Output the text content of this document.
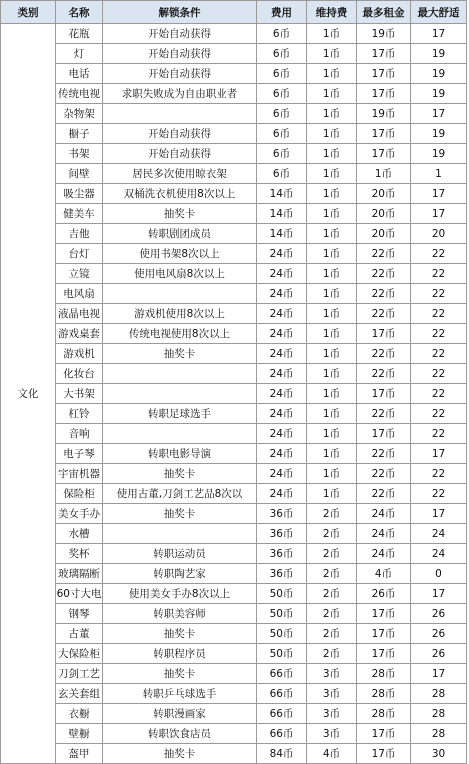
类别	名称	解锁条件	费用	维持费	最多租金	最大舒适
文化	花瓶	开始自动获得	6币	1币	19币	17
	灯	开始自动获得	6币	1币	17币	19
	电话	开始自动获得	6币	1币	17币	19
	传统电视	求职失败成为自由职业者	6币	1币	17币	19
	杂物架		6币	1币	19币	17
	橱子	开始自动获得	6币	1币	17币	19
	书架	开始自动获得	6币	1币	17币	19
	间壁	居民多次使用晾衣架	6币	1币	1币	1
	吸尘器	双桶洗衣机使用8次以上	14币	1币	20币	17
	健美车	抽奖卡	14币	1币	20币	17
	吉他	转职剧团成员	14币	1币	20币	20
	台灯	使用书架8次以上	24币	1币	22币	22
	立镜	使用电风扇8次以上	24币	1币	22币	22
	电风扇		24币	1币	22币	22
	液晶电视	游戏机使用8次以上	24币	1币	22币	22
	游戏桌套	传统电视使用8次以上	24币	1币	17币	22
	游戏机	抽奖卡	24币	1币	22币	22
	化妆台		24币	1币	22币	22
	大书架		24币	1币	17币	22
	杠铃	转职足球选手	24币	1币	22币	22
	音响		24币	1币	17币	22
	电子琴	转职电影导演	24币	1币	22币	17
	宇宙机器	抽奖卡	24币	1币	22币	22
	保险柜	使用古董,刀剑工艺品8次以	24币	1币	22币	22
	美女手办	抽奖卡	36币	2币	24币	17
	水槽		36币	2币	24币	24
	奖杯	转职运动员	36币	2币	24币	24
	玻璃隔断	转职陶艺家	36币	2币	4币	0
	60寸大电	使用美女手办8次以上	50币	2币	26币	17
	钢琴	转职美容师	50币	2币	17币	26
	古董	抽奖卡	50币	2币	17币	26
	大保险柜	转职程序员	50币	2币	17币	26
	刀剑工艺	抽奖卡	66币	3币	28币	17
	玄关套组	转职乒乓球选手	66币	3币	28币	28
	衣橱	转职漫画家	66币	3币	28币	28
	壁橱	转职饮食店员	66币	3币	17币	28
	盔甲	抽奖卡	84币	4币	17币	30
